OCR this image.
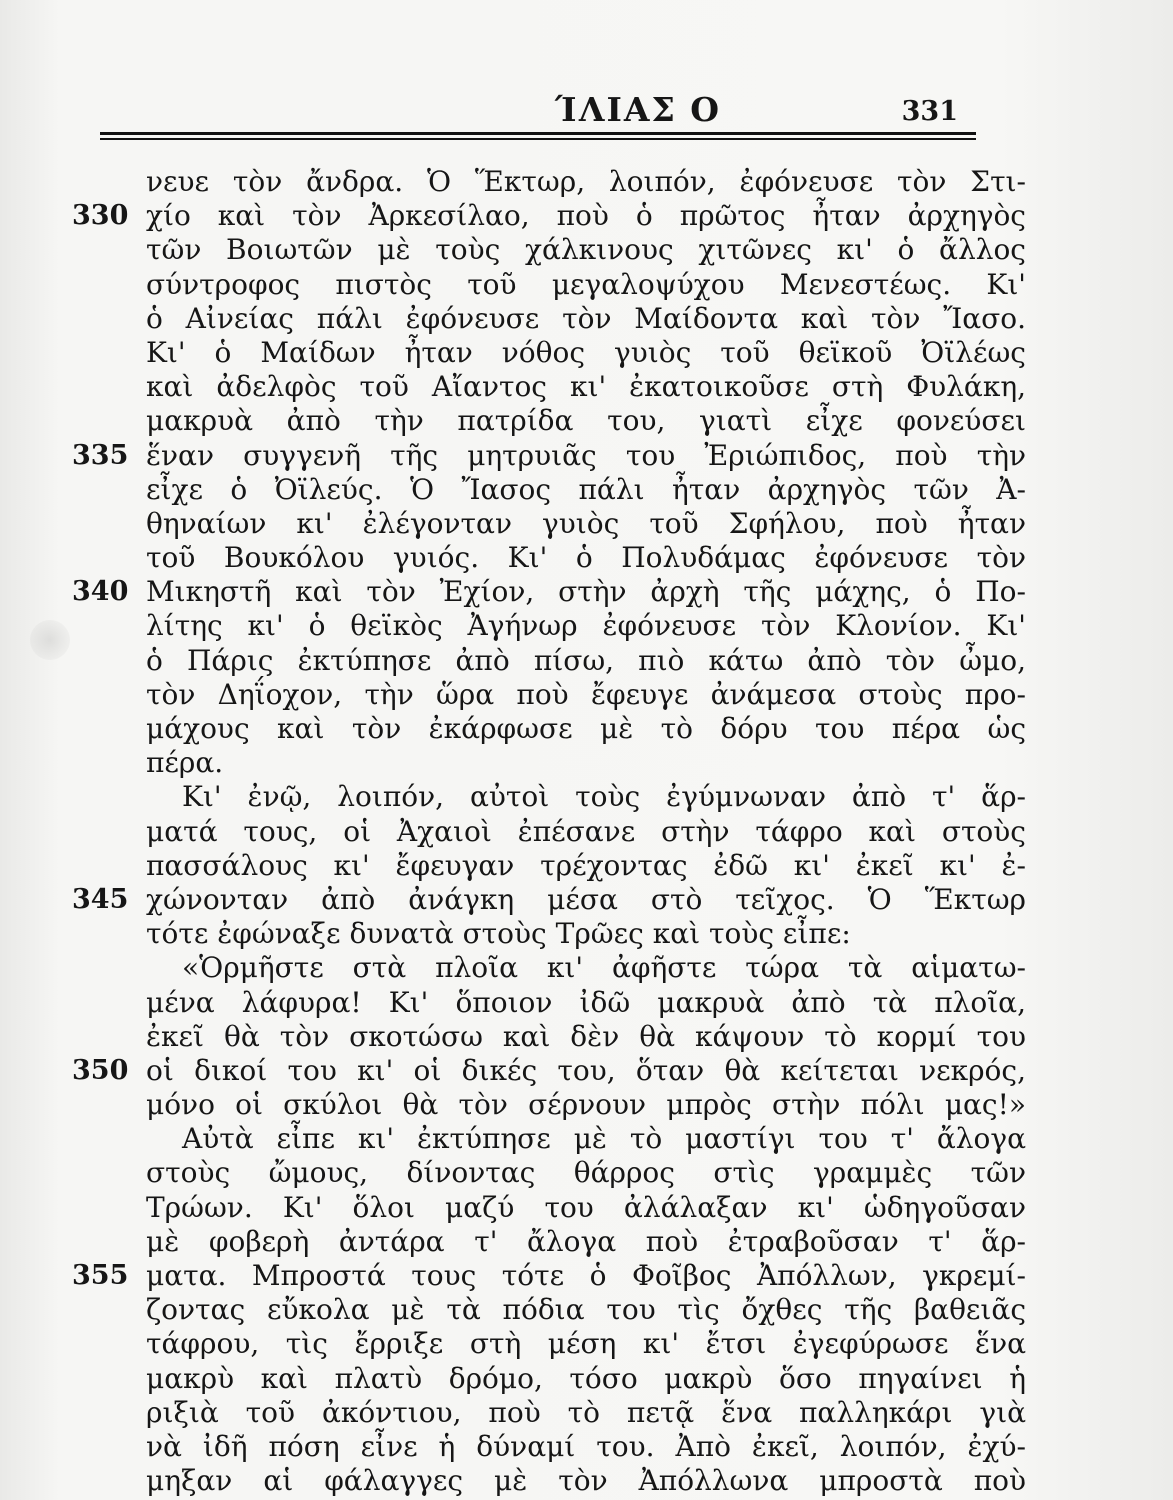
ΊΛΙΑΣ Ο	331
νευε τὸν ἄνδρα. Ὁ Ἕκτωρ, λοιπόν, ἐφόνευσε τὸν Στι-
330 χίο καὶ τὸν Ἀρκεσίλαο, ποὺ ὁ πρῶτος ἦταν ἀρχηγὸς
τῶν Βοιωτῶν μὲ τοὺς χάλκινους χιτῶνες κι' ὁ ἄλλος
σύντροφος πιστὸς τοῦ μεγαλοψύχου Μενεστέως. Κι'
ὁ Αἰνείας πάλι ἐφόνευσε τὸν Μαίδοντα καὶ τὸν Ἴασο.
Κι' ὁ Μαίδων ἦταν νόθος γυιὸς τοῦ θεϊκοῦ Ὀϊλέως
καὶ ἀδελφὸς τοῦ Αἴαντος κι' ἐκατοικοῦσε στὴ Φυλάκη,
μακρυὰ ἀπὸ τὴν πατρίδα του, γιατὶ εἶχε φονεύσει
335 ἕναν συγγενῆ τῆς μητρυιᾶς του Ἐριώπιδος, ποὺ τὴν
εἶχε ὁ Ὀϊλεύς. Ὁ Ἴασος πάλι ἦταν ἀρχηγὸς τῶν Ἀ-
θηναίων κι' ἐλέγονταν γυιὸς τοῦ Σφήλου, ποὺ ἦταν
τοῦ Βουκόλου γυιός. Κι' ὁ Πολυδάμας ἐφόνευσε τὸν
340 Μικηστῆ καὶ τὸν Ἐχίον, στὴν ἀρχὴ τῆς μάχης, ὁ Πο-
λίτης κι' ὁ θεϊκὸς Ἀγήνωρ ἐφόνευσε τὸν Κλονίον. Κι'
ὁ Πάρις ἐκτύπησε ἀπὸ πίσω, πιὸ κάτω ἀπὸ τὸν ὦμο,
τὸν Δηΐοχον, τὴν ὥρα ποὺ ἔφευγε ἀνάμεσα στοὺς προ-
μάχους καὶ τὸν ἐκάρφωσε μὲ τὸ δόρυ του πέρα ὡς
πέρα.
Κι' ἐνῷ, λοιπόν, αὐτοὶ τοὺς ἐγύμνωναν ἀπὸ τ' ἅρ-
ματά τους, οἱ Ἀχαιοὶ ἐπέσανε στὴν τάφρο καὶ στοὺς
πασσάλους κι' ἔφευγαν τρέχοντας ἐδῶ κι' ἐκεῖ κι' ἐ-
345 χώνονταν ἀπὸ ἀνάγκη μέσα στὸ τεῖχος. Ὁ Ἕκτωρ
τότε ἐφώναξε δυνατὰ στοὺς Τρῶες καὶ τοὺς εἶπε:
«Ὁρμῆστε στὰ πλοῖα κι' ἀφῆστε τώρα τὰ αἱματω-
μένα λάφυρα! Κι' ὅποιον ἰδῶ μακρυὰ ἀπὸ τὰ πλοῖα,
ἐκεῖ θὰ τὸν σκοτώσω καὶ δὲν θὰ κάψουν τὸ κορμί του
350 οἱ δικοί του κι' οἱ δικές του, ὅταν θὰ κείτεται νεκρός,
μόνο οἱ σκύλοι θὰ τὸν σέρνουν μπρὸς στὴν πόλι μας!»
Αὐτὰ εἶπε κι' ἐκτύπησε μὲ τὸ μαστίγι του τ' ἄλογα
στοὺς ὤμους, δίνοντας θάρρος στὶς γραμμὲς τῶν
Τρώων. Κι' ὅλοι μαζύ του ἀλάλαξαν κι' ὡδηγοῦσαν
μὲ φοβερὴ ἀντάρα τ' ἄλογα ποὺ ἐτραβοῦσαν τ' ἅρ-
355 ματα. Μπροστά τους τότε ὁ Φοῖβος Ἀπόλλων, γκρεμί-
ζοντας εὔκολα μὲ τὰ πόδια του τὶς ὄχθες τῆς βαθειᾶς
τάφρου, τὶς ἔρριξε στὴ μέση κι' ἔτσι ἐγεφύρωσε ἕνα
μακρὺ καὶ πλατὺ δρόμο, τόσο μακρὺ ὅσο πηγαίνει ἡ
ριξιὰ τοῦ ἀκόντιου, ποὺ τὸ πετᾷ ἕνα παλληκάρι γιὰ
νὰ ἰδῆ πόση εἶνε ἡ δύναμί του. Ἀπὸ ἐκεῖ, λοιπόν, ἐχύ-
μηξαν αἱ φάλαγγες μὲ τὸν Ἀπόλλωνα μπροστὰ ποὺ
